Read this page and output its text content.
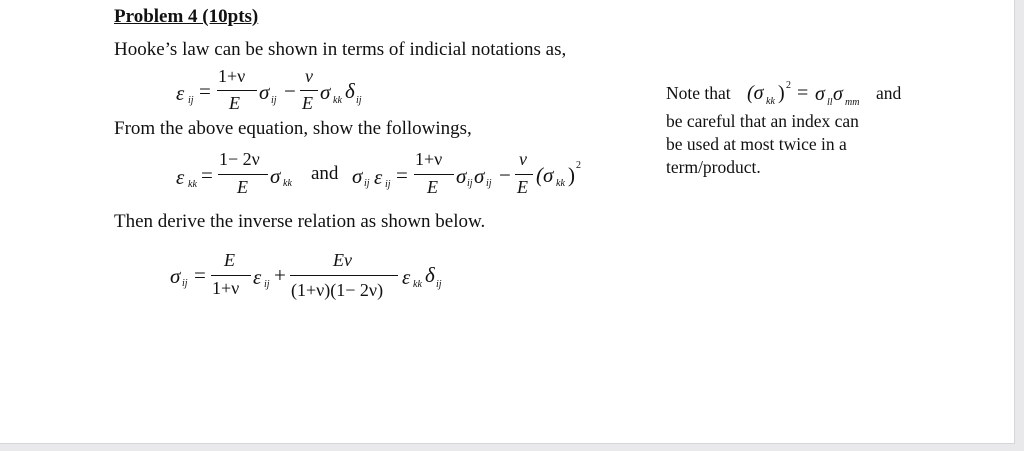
Problem 4 (10pts)
Hooke’s law can be shown in terms of indicial notations as,
ε ij =
1+ν
E σ ij −
ν
E σ kk δ ij
From the above equation, show the followings,
ε kk =
1− 2ν
E σ kk and σ ij ε ij =
1+ν
E σ ij σ ij −
ν
E (σ kk ) 2
Then derive the inverse relation as shown below.
σ ij =
E
1+ν ε ij +
Eν
(1+ν)(1− 2ν)
ε kk δ ij
Note that (σ kk ) 2 = σ ll σ mm and
be careful that an index can
be used at most twice in a
term/product.
